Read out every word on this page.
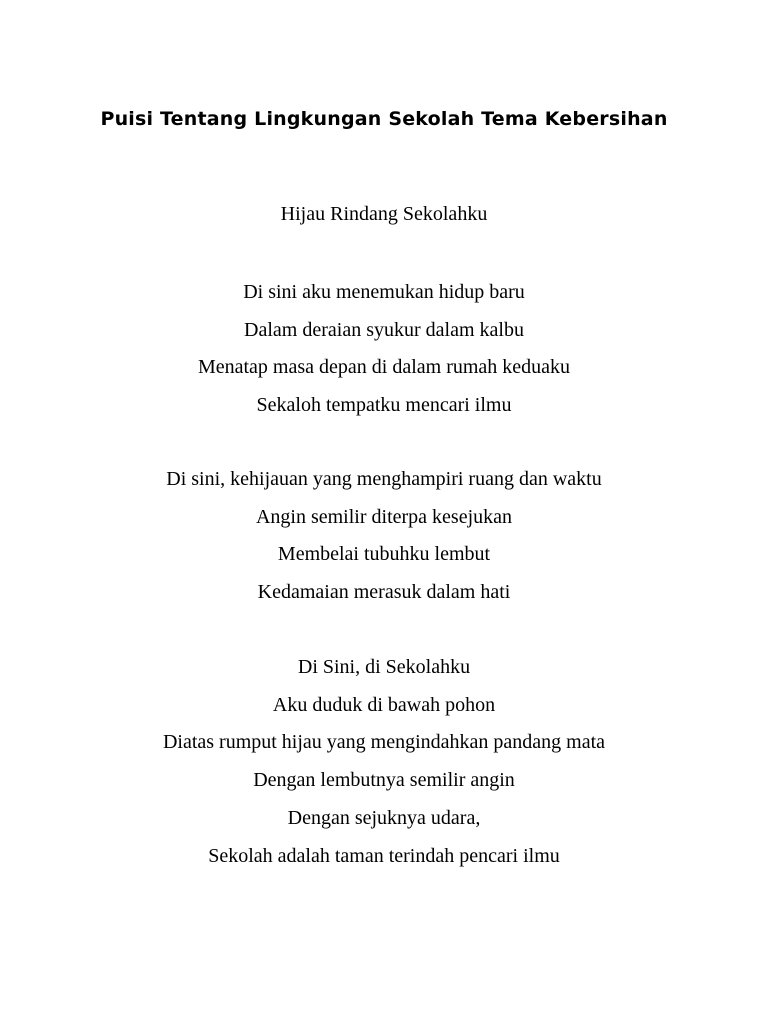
Puisi Tentang Lingkungan Sekolah Tema Kebersihan

Hijau Rindang Sekolahku

Di sini aku menemukan hidup baru
Dalam deraian syukur dalam kalbu
Menatap masa depan di dalam rumah keduaku
Sekaloh tempatku mencari ilmu
Di sini, kehijauan yang menghampiri ruang dan waktu
Angin semilir diterpa kesejukan
Membelai tubuhku lembut
Kedamaian merasuk dalam hati
Di Sini, di Sekolahku
Aku duduk di bawah pohon
Diatas rumput hijau yang mengindahkan pandang mata
Dengan lembutnya semilir angin
Dengan sejuknya udara,
Sekolah adalah taman terindah pencari ilmu
